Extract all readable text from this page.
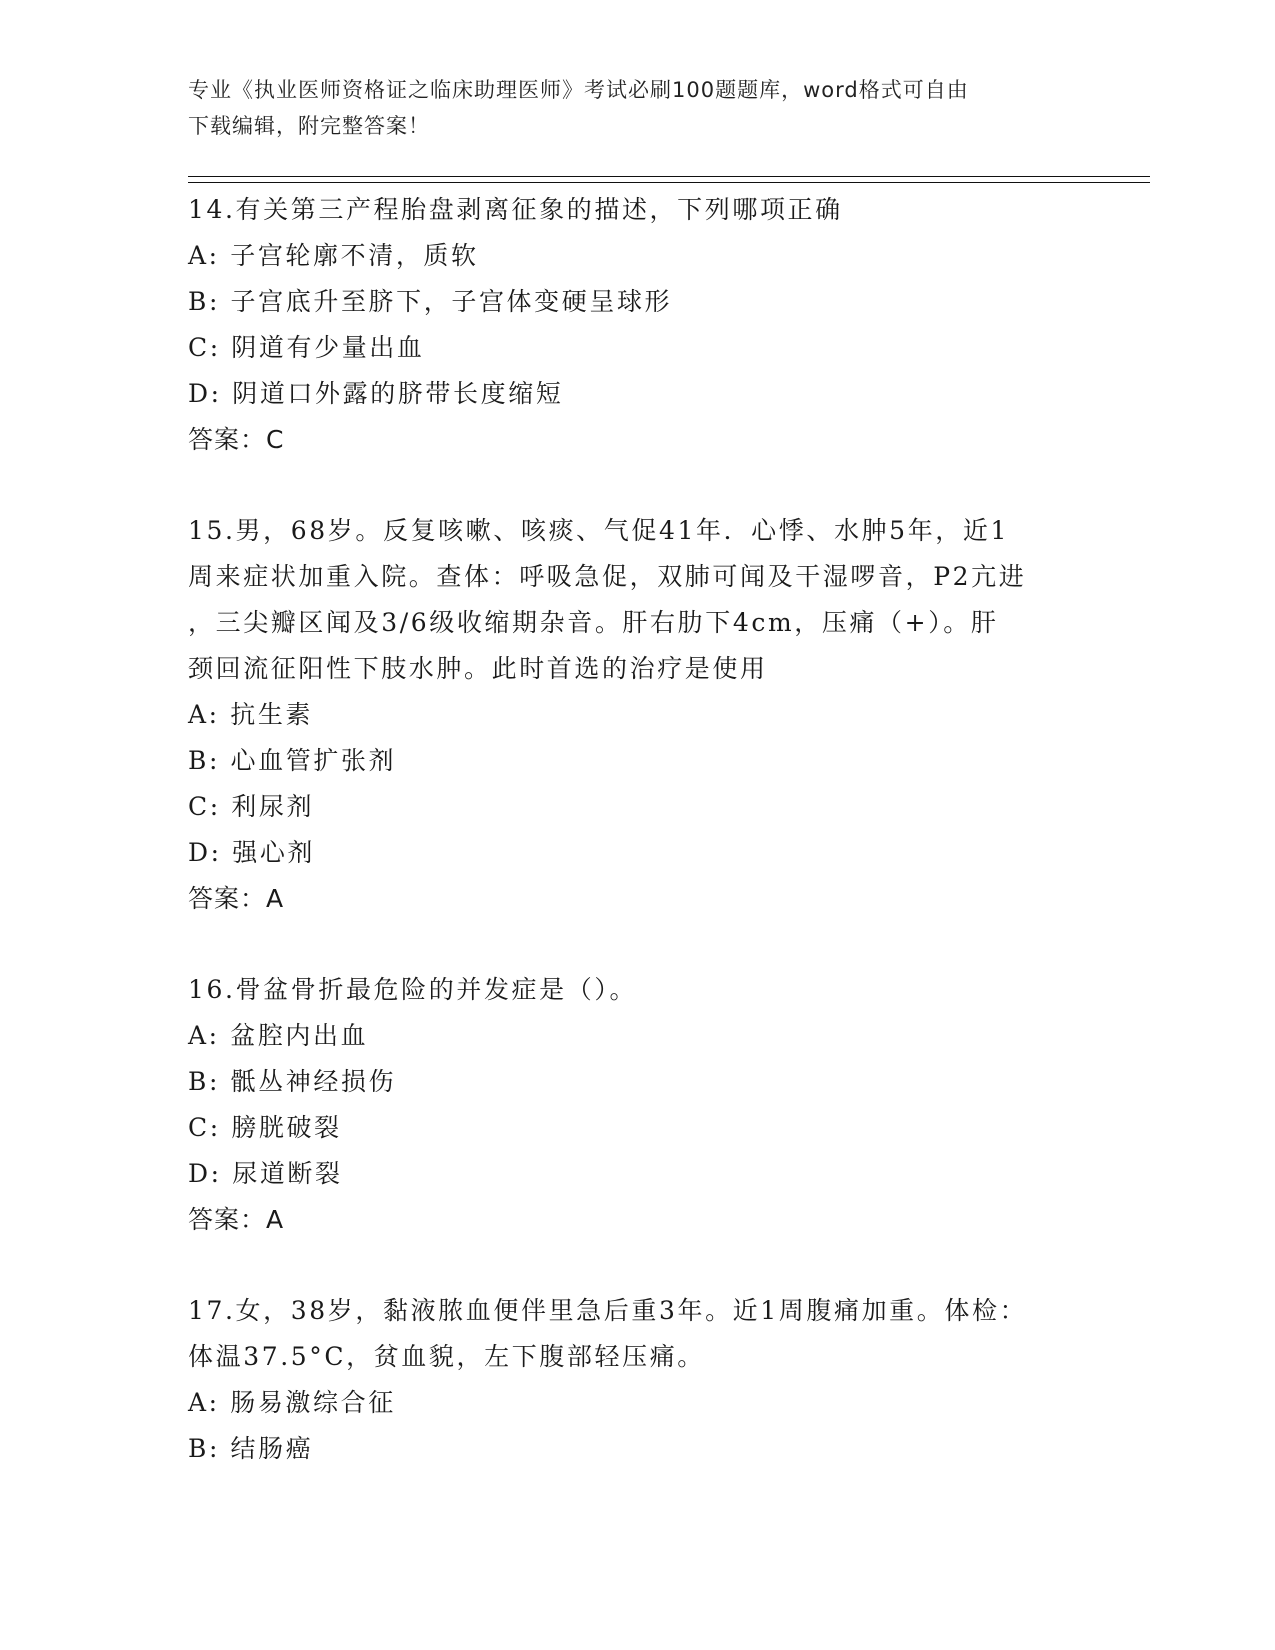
专业《执业医师资格证之临床助理医师》考试必刷100题题库，word格式可自由
下载编辑，附完整答案！
14.有关第三产程胎盘剥离征象的描述，下列哪项正确
A: 子宫轮廓不清，质软
B: 子宫底升至脐下，子宫体变硬呈球形
C: 阴道有少量出血
D: 阴道口外露的脐带长度缩短
答案：C
15.男，68岁。反复咳嗽、咳痰、气促41年．心悸、水肿5年，近1
周来症状加重入院。查体：呼吸急促，双肺可闻及干湿啰音，P2亢进
，三尖瓣区闻及3/6级收缩期杂音。肝右肋下4cm，压痛（+）。肝
颈回流征阳性下肢水肿。此时首选的治疗是使用
A: 抗生素
B: 心血管扩张剂
C: 利尿剂
D: 强心剂
答案：A
16.骨盆骨折最危险的并发症是（）。
A: 盆腔内出血
B: 骶丛神经损伤
C: 膀胱破裂
D: 尿道断裂
答案：A
17.女，38岁，黏液脓血便伴里急后重3年。近1周腹痛加重。体检：
体温37.5°C，贫血貌，左下腹部轻压痛。
A: 肠易激综合征
B: 结肠癌
